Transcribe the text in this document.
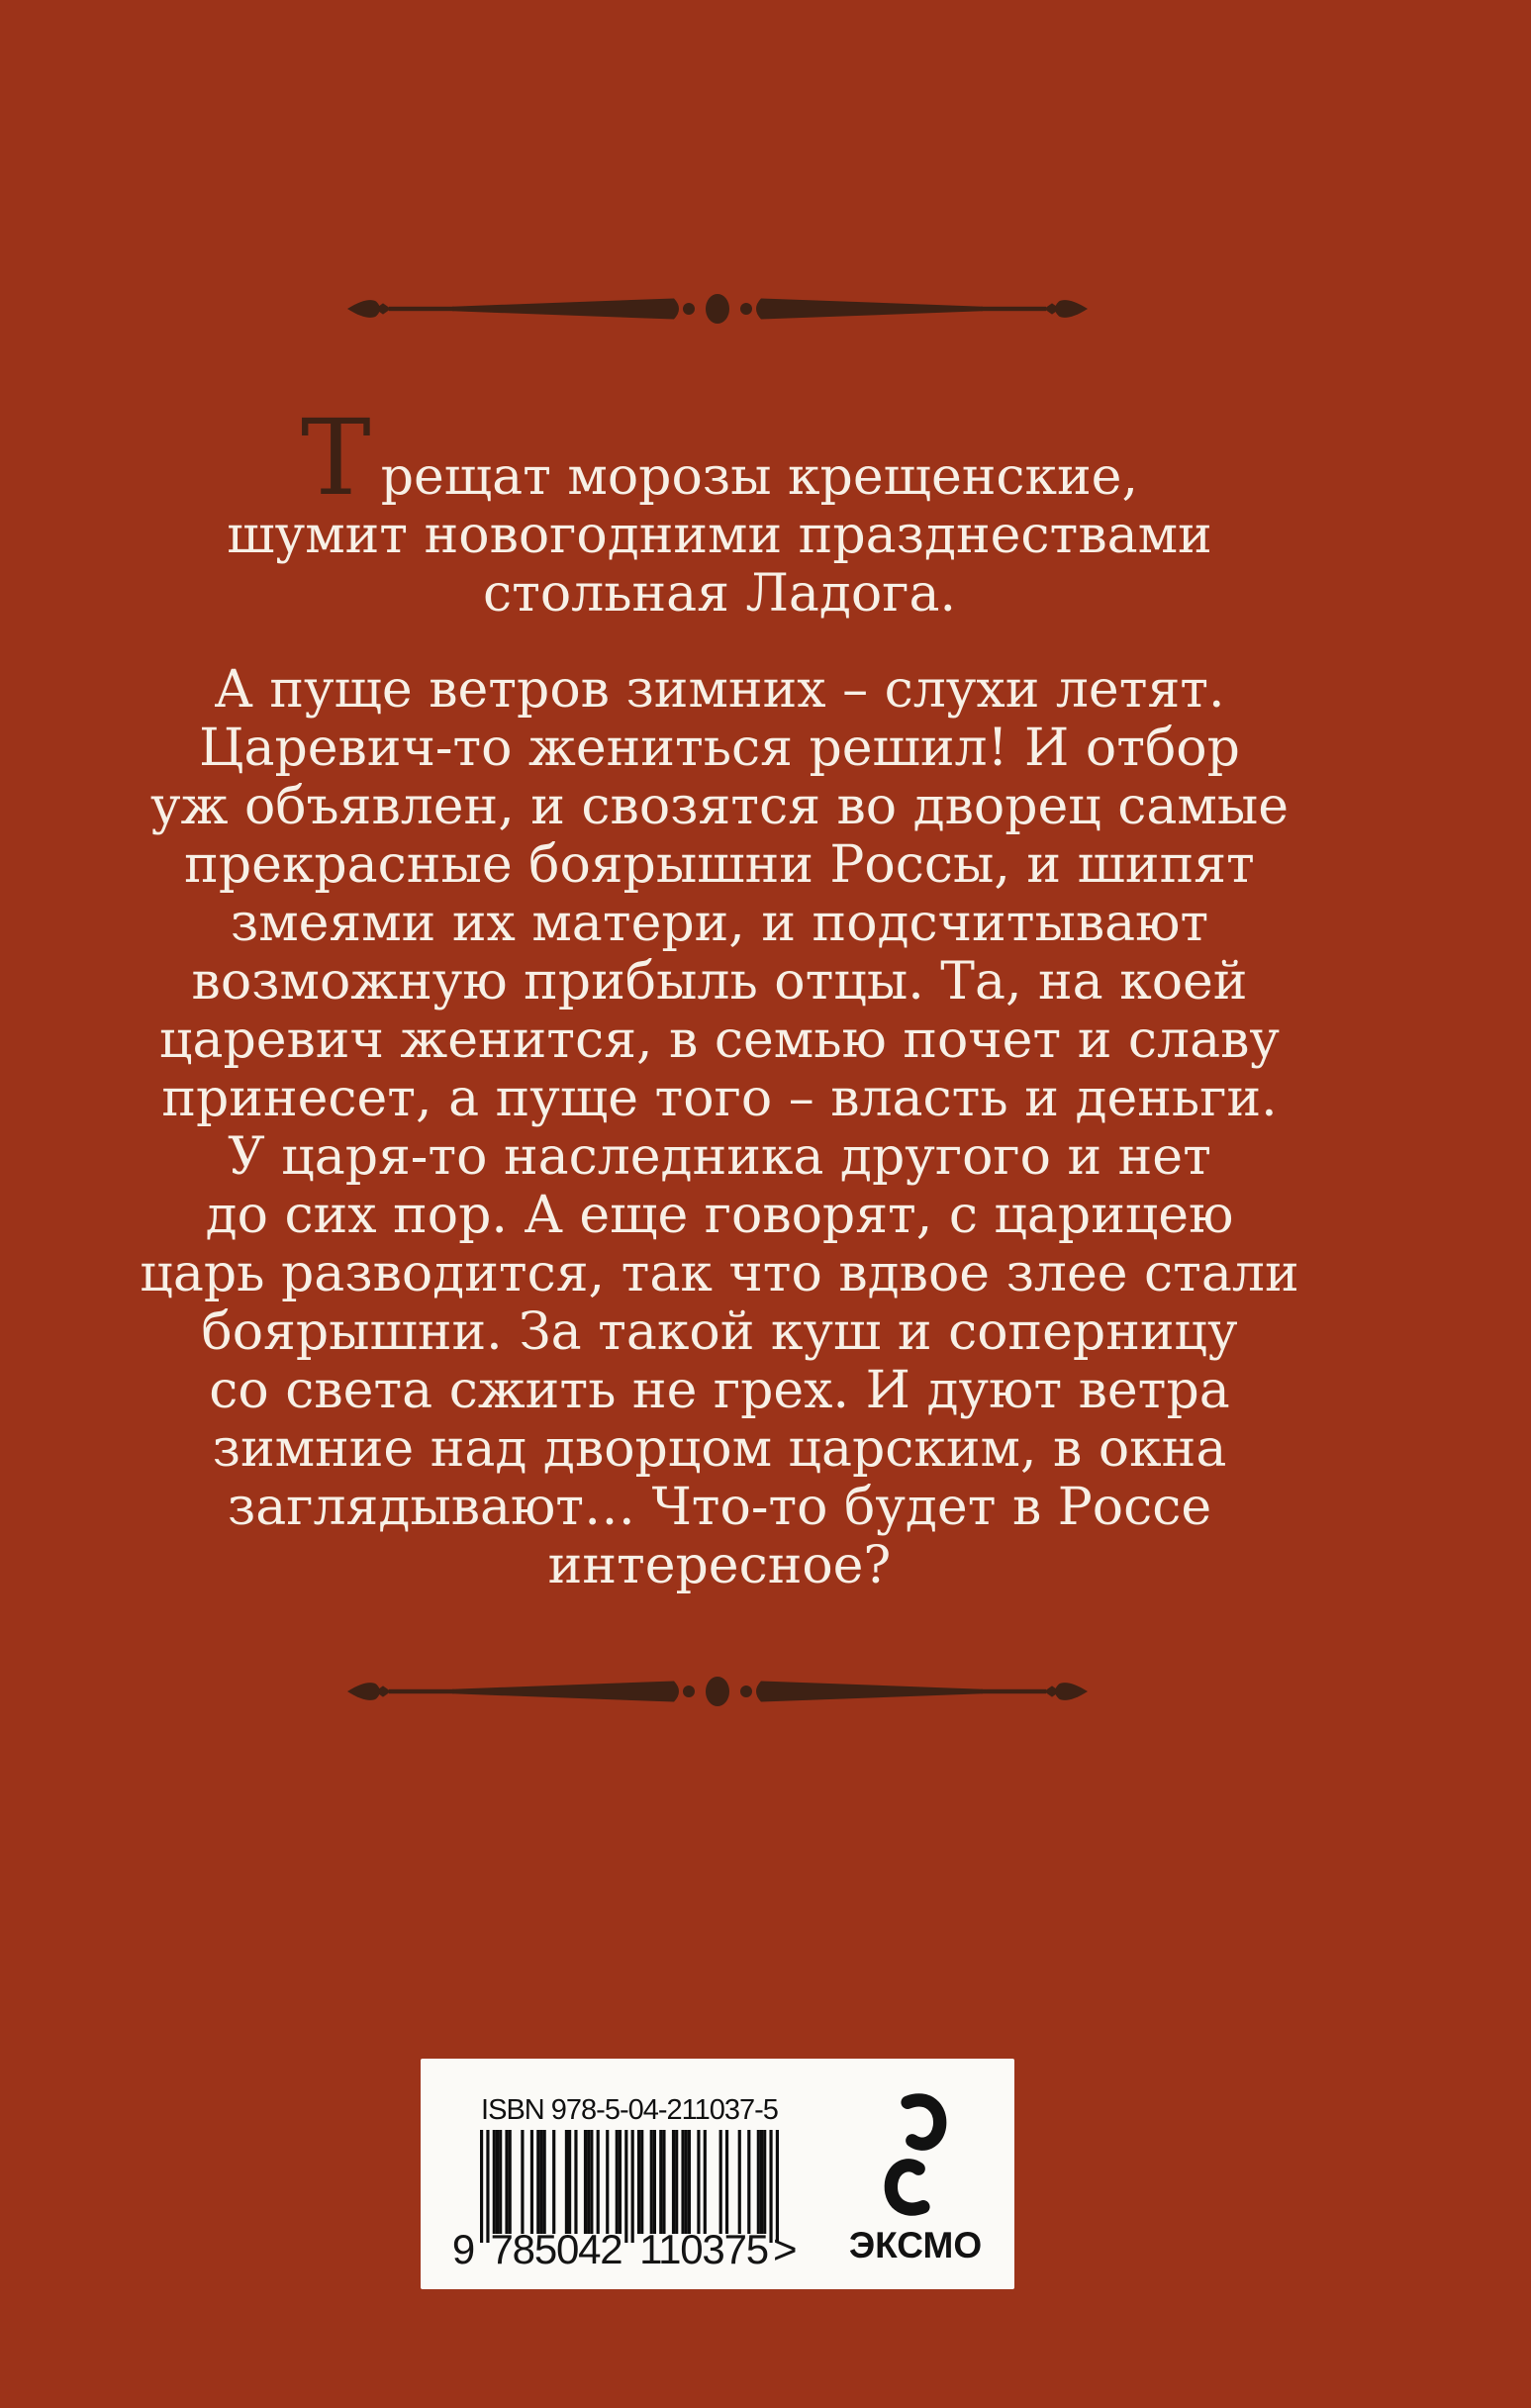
Т рещат морозы крещенские,
шумит новогодними празднествами
стольная Ладога.
А пуще ветров зимних – слухи летят.
Царевич-то жениться решил! И отбор
уж объявлен, и свозятся во дворец самые
прекрасные боярышни Россы, и шипят
змеями их матери, и подсчитывают
возможную прибыль отцы. Та, на коей
царевич женится, в семью почет и славу
принесет, а пуще того – власть и деньги.
У царя-то наследника другого и нет
до сих пор. А еще говорят, с царицею
царь разводится, так что вдвое злее стали
боярышни. За такой куш и соперницу
со света сжить не грех. И дуют ветра
зимние над дворцом царским, в окна
заглядывают… Что-то будет в Россе
интересное?
ISBN 978-5-04-211037-5
9 785042 110375 >	ЭКСМО
